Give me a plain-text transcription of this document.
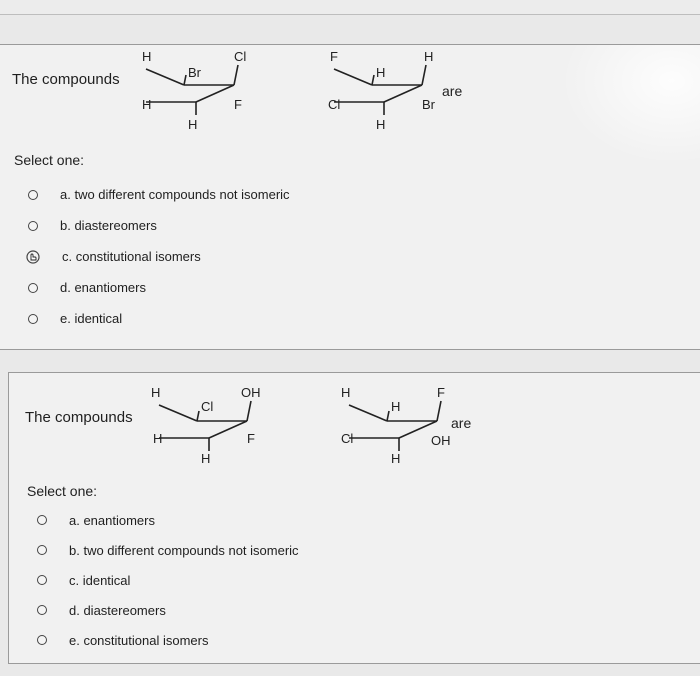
The compounds
H	Cl
Br
H	F
H
F	H
H
Cl	Br
H
are
Select one:
a. two different compounds not isomeric
b. diastereomers
c. constitutional isomers
d. enantiomers
e. identical
The compounds
H	OH
Cl
H	F
H
H	F
H
Cl	OH
H
are
Select one:
a. enantiomers
b. two different compounds not isomeric
c. identical
d. diastereomers
e. constitutional isomers
